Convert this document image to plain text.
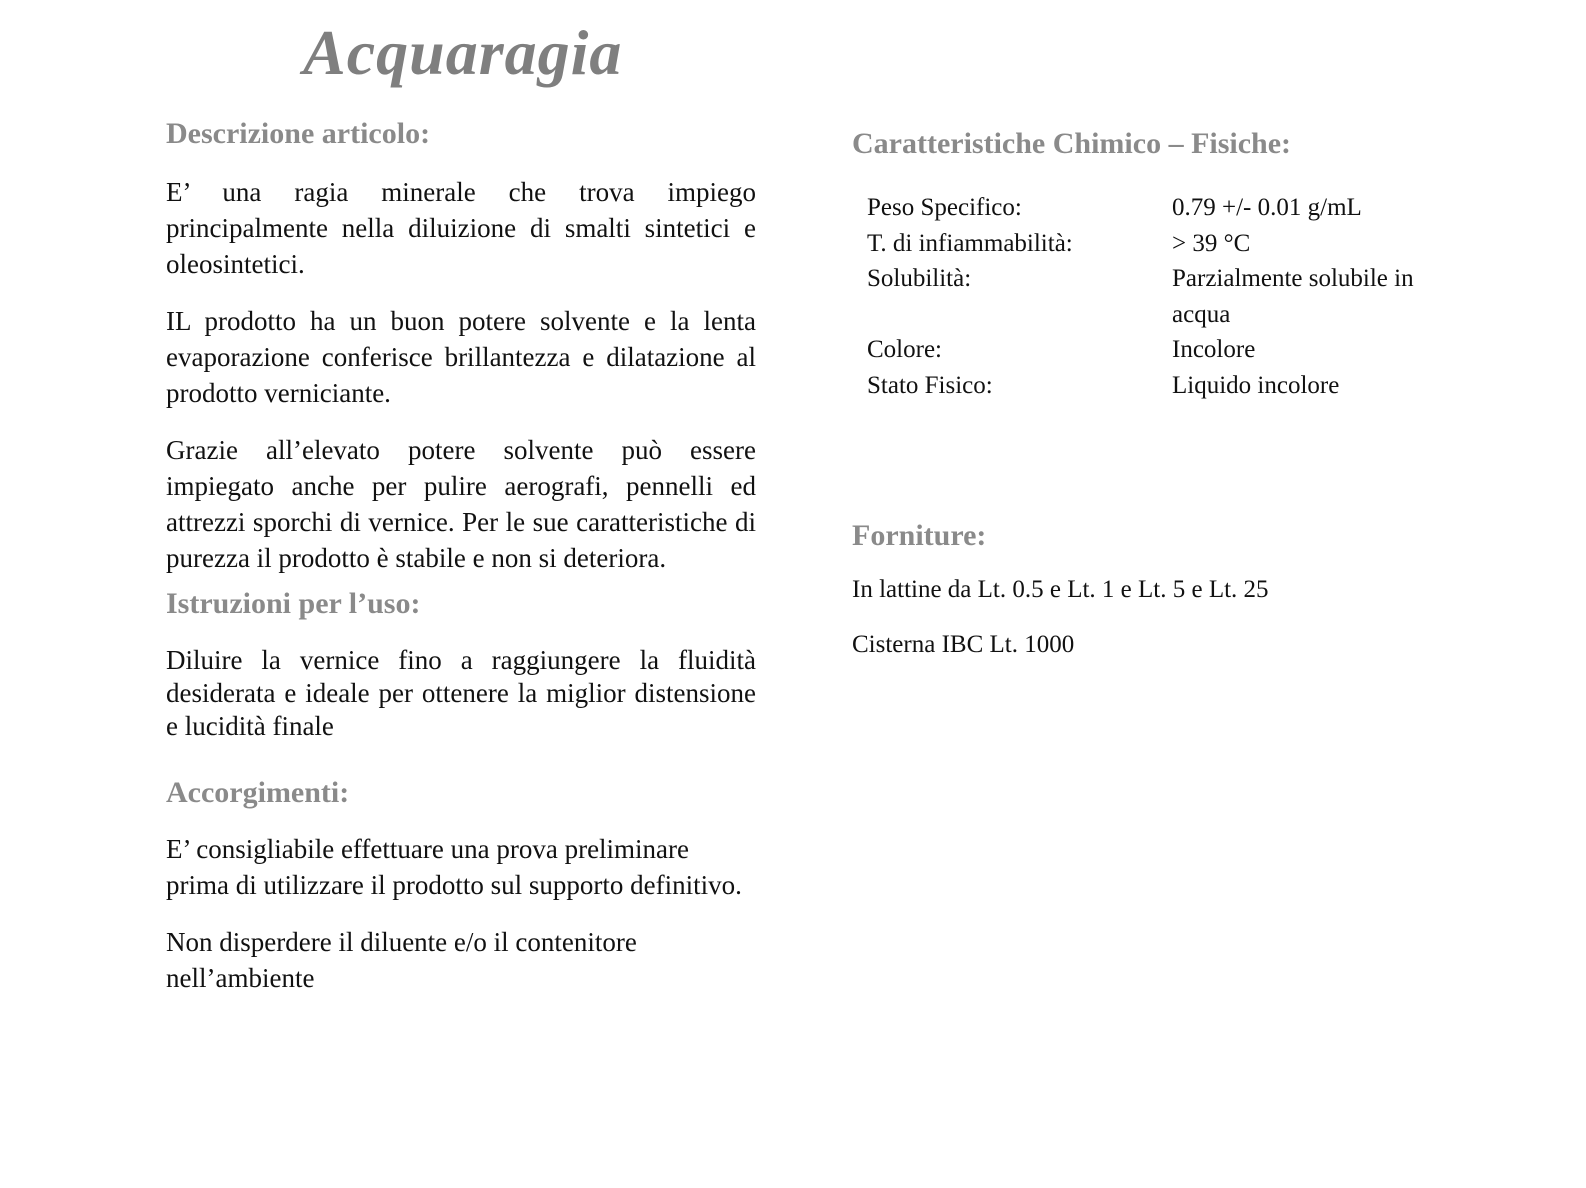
Acquaragia
Descrizione articolo:

E’ una ragia minerale che trova impiego principalmente nella diluizione di smalti sintetici e oleosintetici.

IL prodotto ha un buon potere solvente e la lenta evaporazione conferisce brillantezza e dilatazione al prodotto verniciante.

Grazie all’elevato potere solvente può essere impiegato anche per pulire aerografi, pennelli ed attrezzi sporchi di vernice. Per le sue caratteristiche di purezza il prodotto è stabile e non si deteriora.

Istruzioni per l’uso:

Diluire la vernice fino a raggiungere la fluidità desiderata e ideale per ottenere la miglior distensione e lucidità finale

Accorgimenti:

E’ consigliabile effettuare una prova preliminare prima di utilizzare il prodotto sul supporto definitivo.

Non disperdere il diluente e/o il contenitore nell’ambiente

Caratteristiche Chimico – Fisiche:
Peso Specifico:	0.79 +/- 0.01 g/mL
T. di infiammabilità:	> 39 °C
Solubilità:	Parzialmente solubile in acqua
Colore:	Incolore
Stato Fisico:	Liquido incolore
Forniture:

In lattine da Lt. 0.5 e Lt. 1 e Lt. 5 e Lt. 25

Cisterna IBC Lt. 1000
